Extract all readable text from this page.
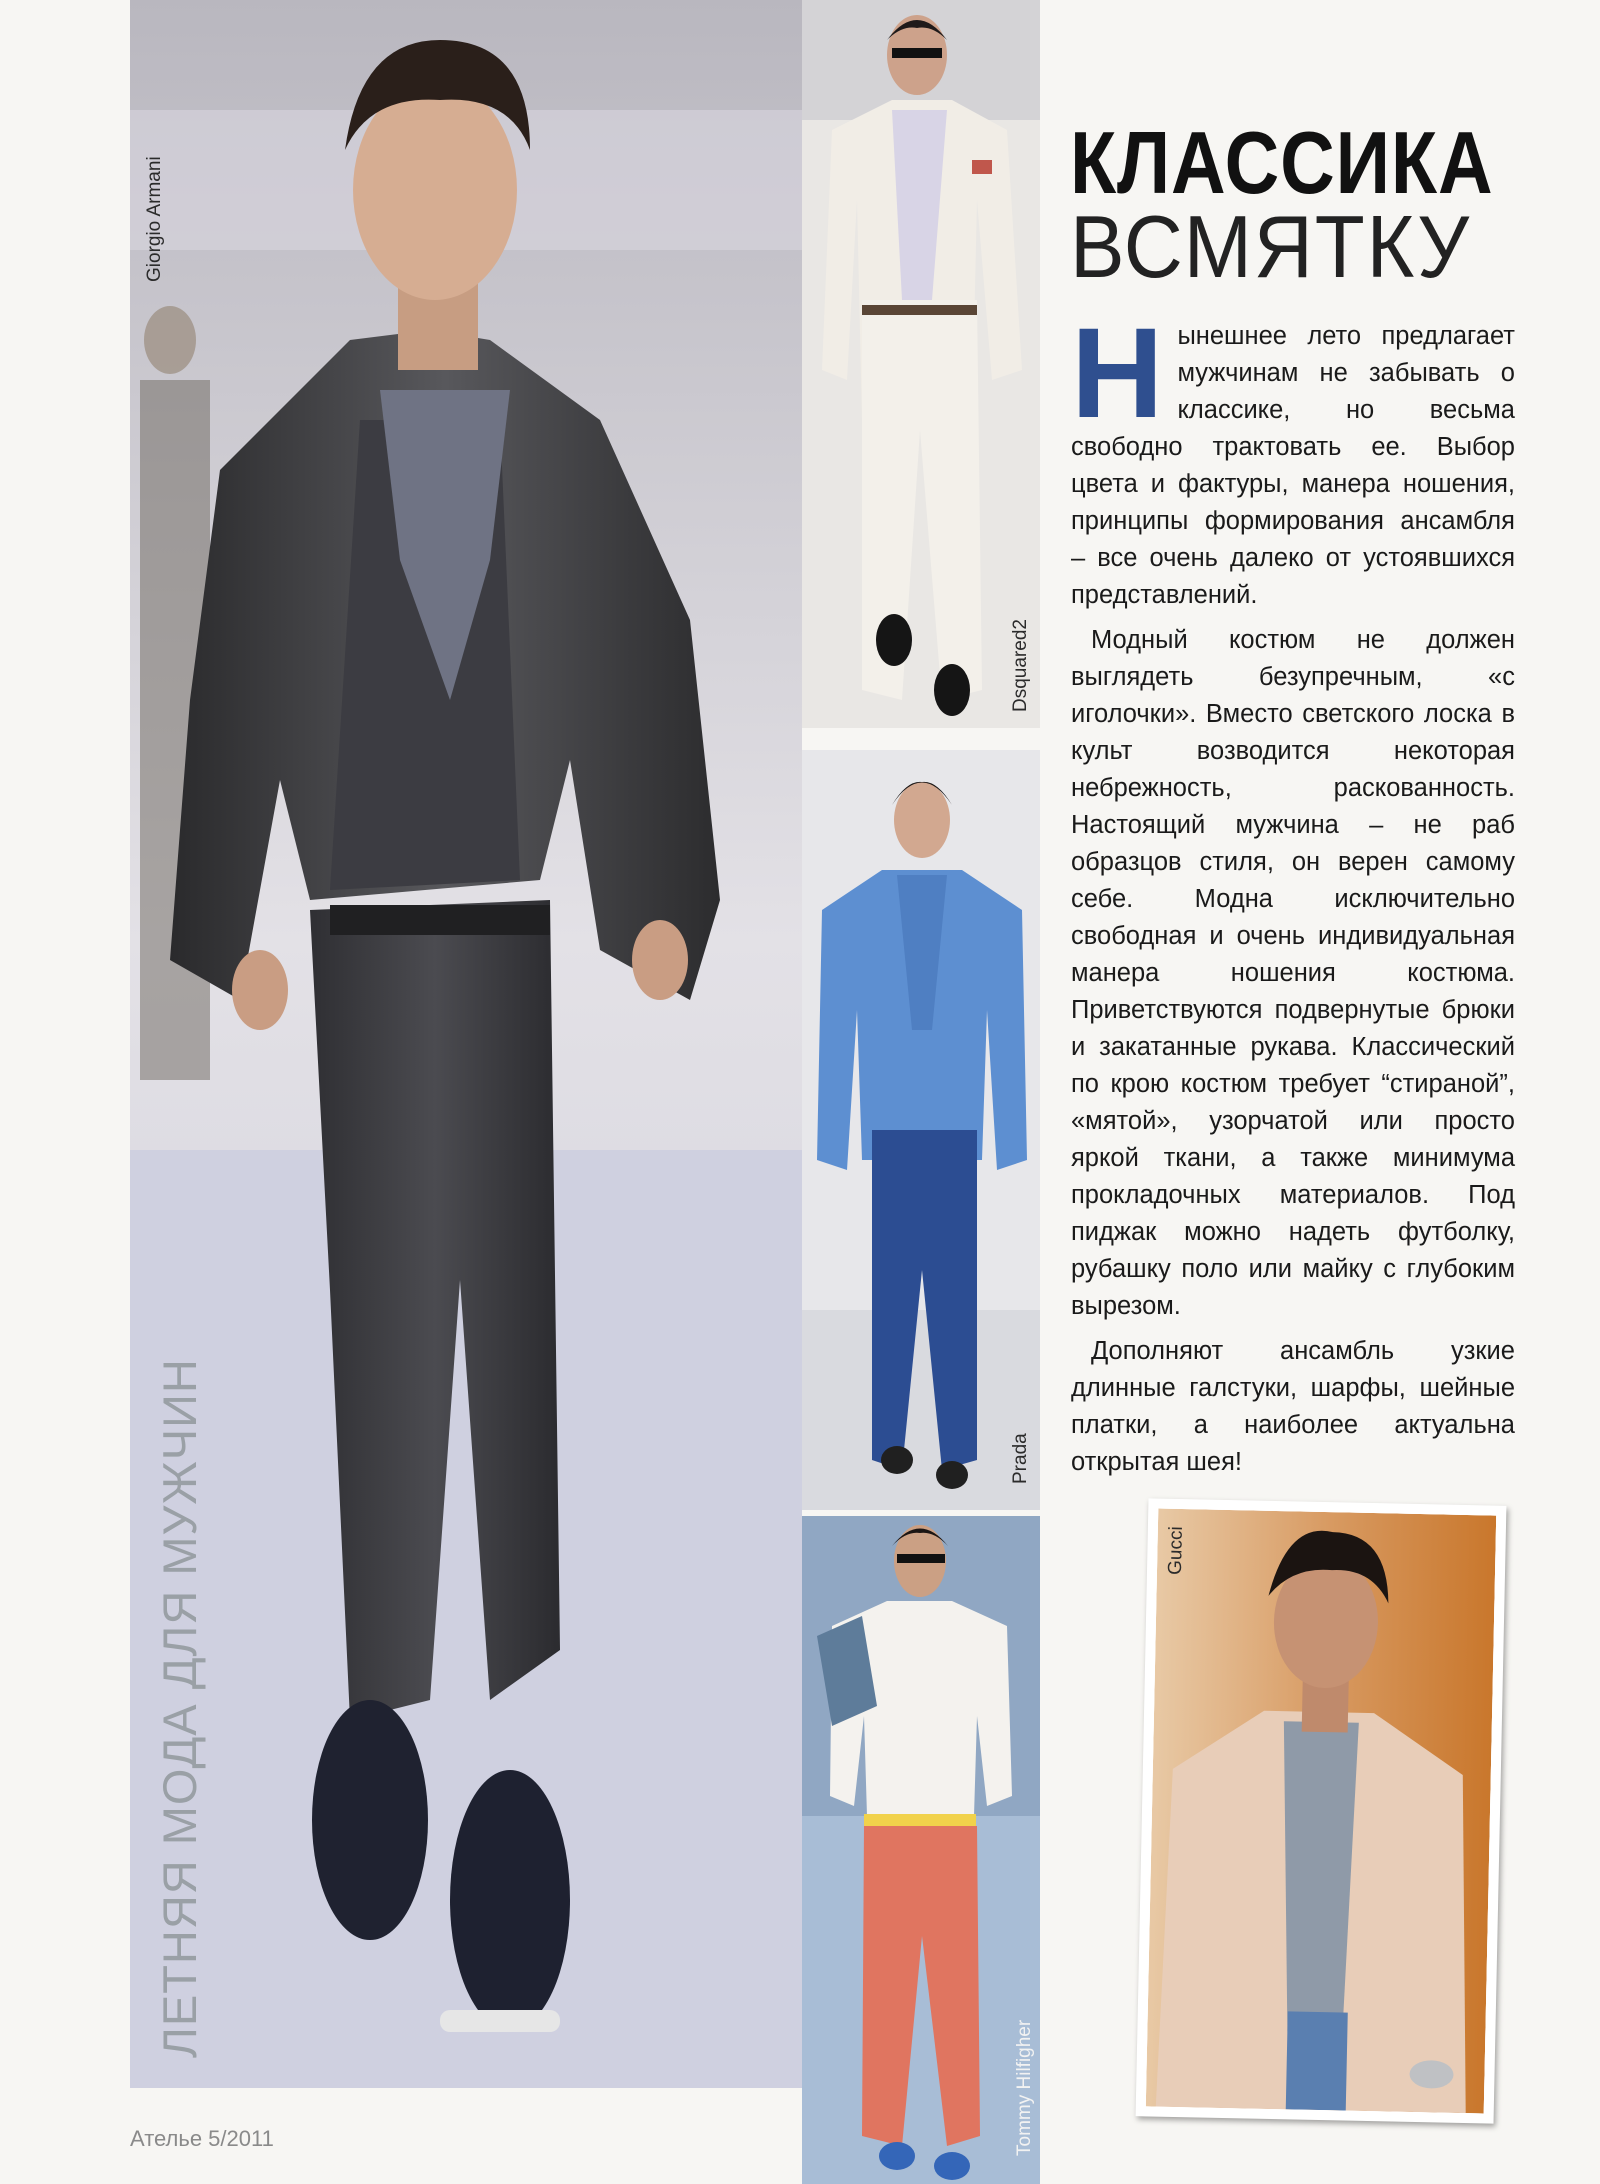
Giorgio Armani
ЛЕТНЯЯ МОДА ДЛЯ МУЖЧИН
Dsquared2
Prada
Tommy Hilfigher
КЛАССИКА
ВСМЯТКУ

Нынешнее лето предлагает мужчинам не забывать о классике, но весьма свободно трактовать ее. Выбор цвета и фактуры, манера ношения, принципы формирования ансамбля – все очень далеко от устоявшихся представлений.

Модный костюм не должен выглядеть безупречным, «с иголочки». Вместо светского лоска в культ возводится некоторая небрежность, раскованность. Настоящий мужчина – не раб образцов стиля, он верен самому себе. Модна исключительно свободная и очень индивидуальная манера ношения костюма. Приветствуются подвернутые брюки и закатанные рукава. Классический по крою костюм требует “стираной”, «мятой», узорчатой или просто яркой ткани, а также минимума прокладочных материалов. Под пиджак можно надеть футболку, рубашку поло или майку с глубоким вырезом.

Дополняют ансамбль узкие длинные галстуки, шарфы, шейные платки, а наиболее актуальна открытая шея!

Gucci
Ателье 5/2011
